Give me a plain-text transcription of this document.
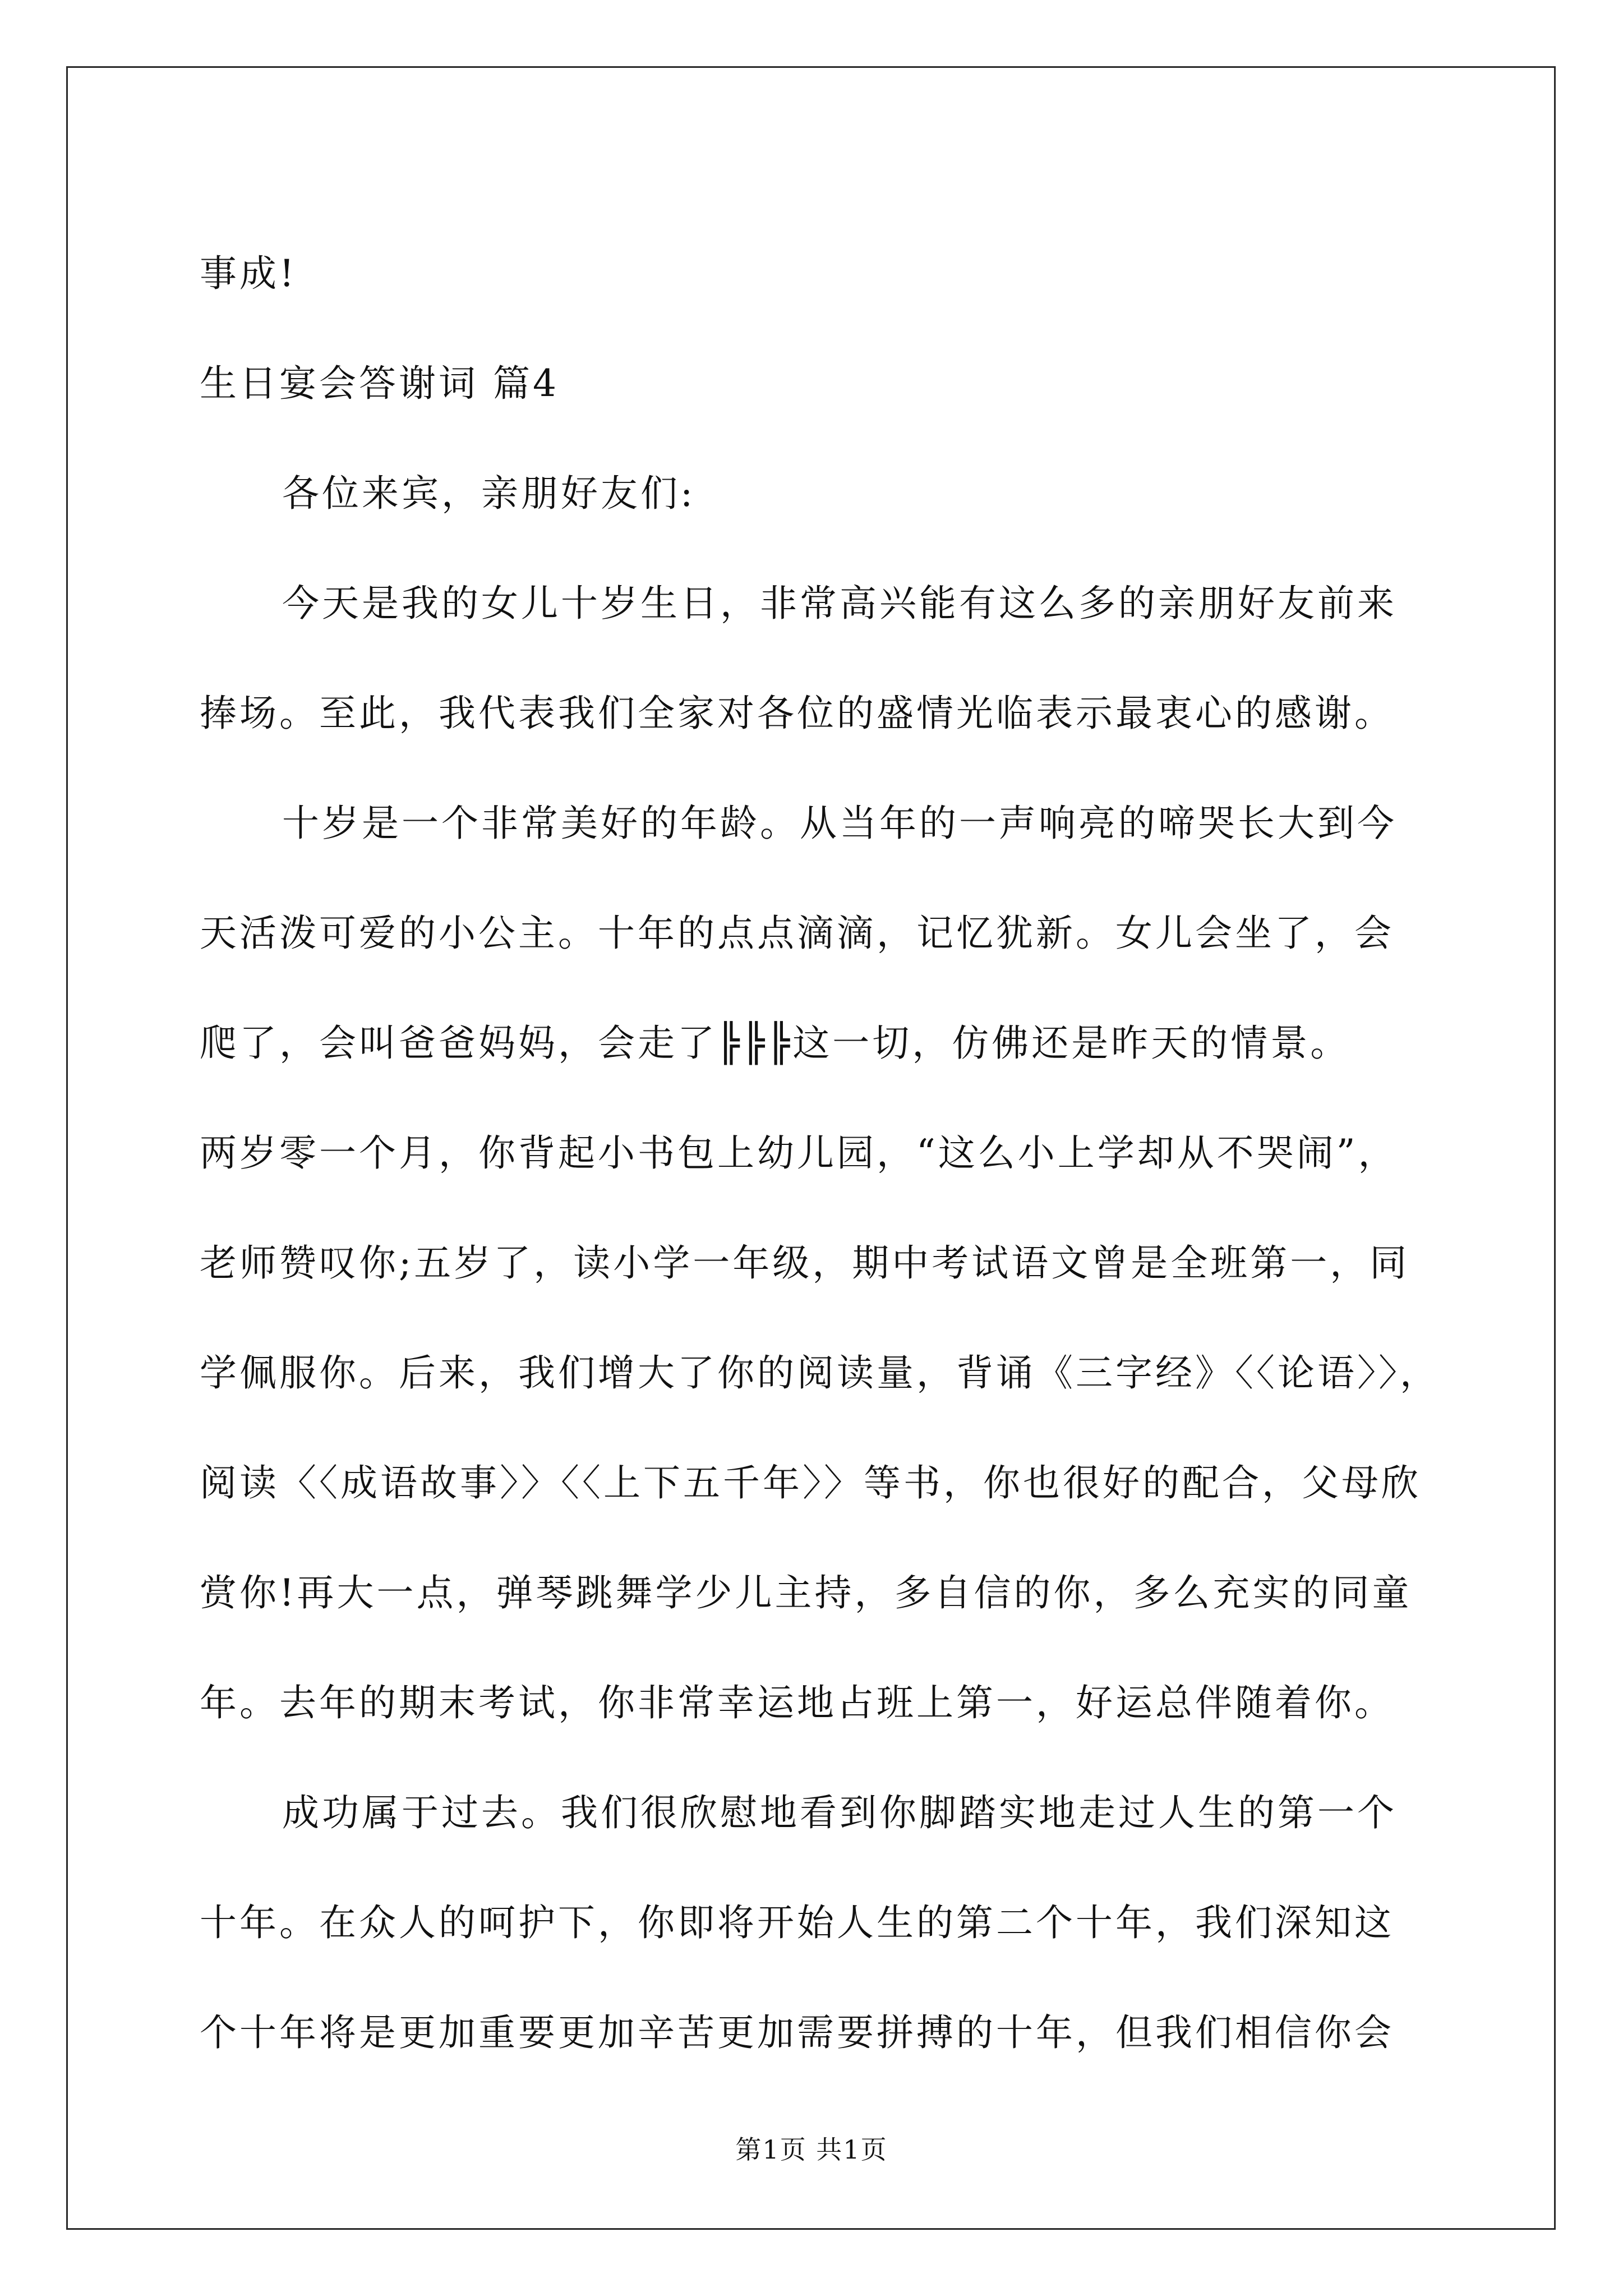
事成!

生日宴会答谢词 篇4

各位来宾，亲朋好友们:

今天是我的女儿十岁生日，非常高兴能有这么多的亲朋好友前来

捧场。至此，我代表我们全家对各位的盛情光临表示最衷心的感谢。

十岁是一个非常美好的年龄。从当年的一声响亮的啼哭长大到今

天活泼可爱的小公主。十年的点点滴滴，记忆犹新。女儿会坐了，会

爬了，会叫爸爸妈妈，会走了╠╠╠这一切，仿佛还是昨天的情景。

两岁零一个月，你背起小书包上幼儿园，“这么小上学却从不哭闹”，

老师赞叹你;五岁了，读小学一年级，期中考试语文曾是全班第一，同

学佩服你。后来，我们增大了你的阅读量，背诵《三字经》〈〈论语〉〉，

阅读〈〈成语故事〉〉〈〈上下五千年〉〉等书，你也很好的配合，父母欣

赏你!再大一点，弹琴跳舞学少儿主持，多自信的你，多么充实的同童

年。去年的期末考试，你非常幸运地占班上第一，好运总伴随着你。

成功属于过去。我们很欣慰地看到你脚踏实地走过人生的第一个

十年。在众人的呵护下，你即将开始人生的第二个十年，我们深知这

个十年将是更加重要更加辛苦更加需要拼搏的十年，但我们相信你会

第1页 共1页
